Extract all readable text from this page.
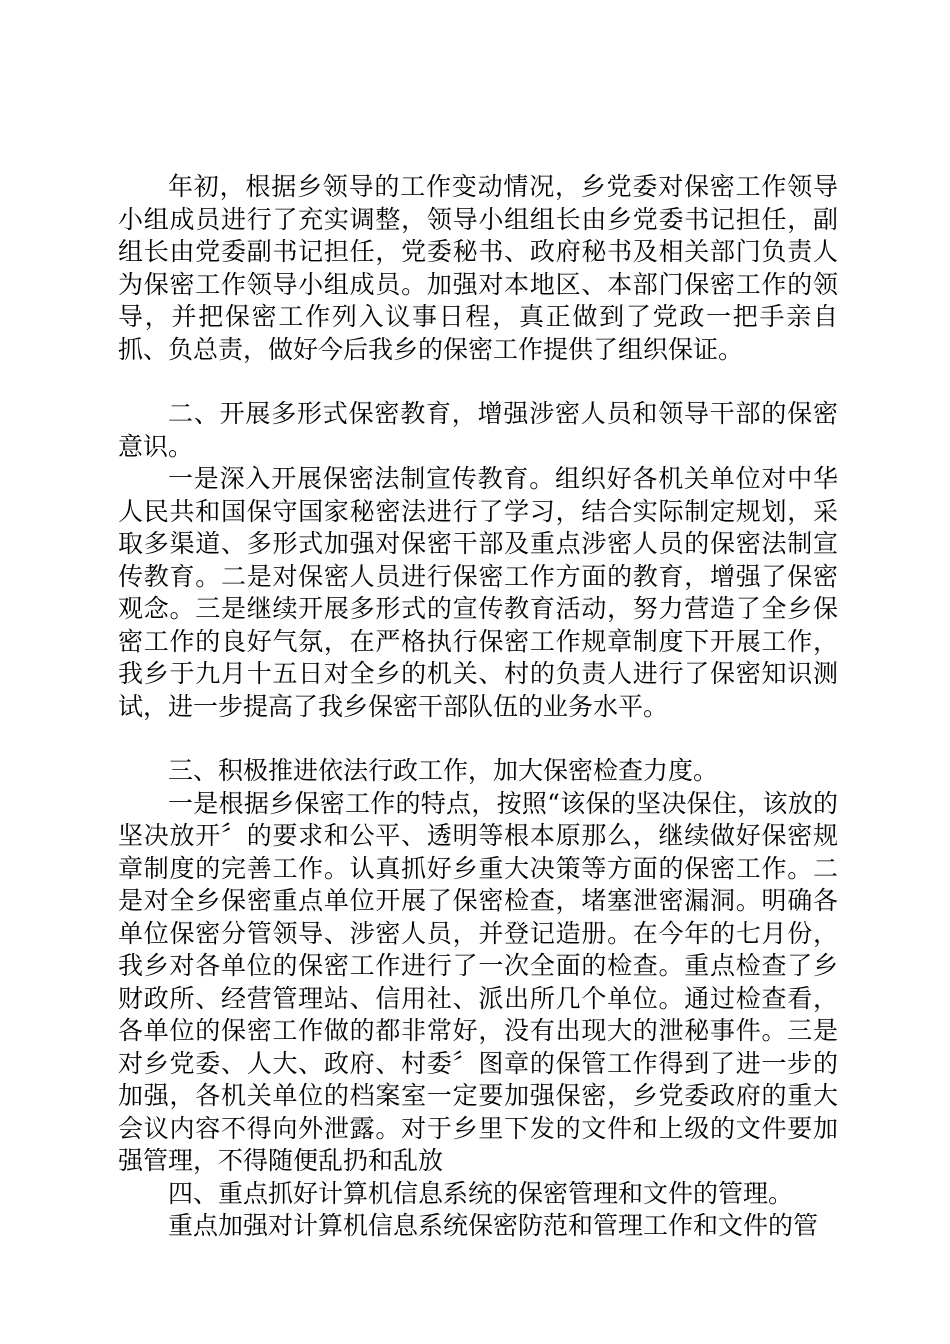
年初，根据乡领导的工作变动情况，乡党委对保密工作领导小组成员进行了充实调整，领导小组组长由乡党委书记担任，副组长由党委副书记担任，党委秘书、政府秘书及相关部门负责人为保密工作领导小组成员。加强对本地区、本部门保密工作的领导，并把保密工作列入议事日程，真正做到了党政一把手亲自抓、负总责，做好今后我乡的保密工作提供了组织保证。

二、开展多形式保密教育，增强涉密人员和领导干部的保密意识。

一是深入开展保密法制宣传教育。组织好各机关单位对中华人民共和国保守国家秘密法进行了学习，结合实际制定规划，采取多渠道、多形式加强对保密干部及重点涉密人员的保密法制宣传教育。二是对保密人员进行保密工作方面的教育，增强了保密观念。三是继续开展多形式的宣传教育活动，努力营造了全乡保密工作的良好气氛，在严格执行保密工作规章制度下开展工作，我乡于九月十五日对全乡的机关、村的负责人进行了保密知识测试，进一步提高了我乡保密干部队伍的业务水平。

三、积极推进依法行政工作，加大保密检查力度。

一是根据乡保密工作的特点，按照“该保的坚决保住，该放的坚决放开〞的要求和公平、透明等根本原那么，继续做好保密规章制度的完善工作。认真抓好乡重大决策等方面的保密工作。二是对全乡保密重点单位开展了保密检查，堵塞泄密漏洞。明确各单位保密分管领导、涉密人员，并登记造册。在今年的七月份，我乡对各单位的保密工作进行了一次全面的检查。重点检查了乡财政所、经营管理站、信用社、派出所几个单位。通过检查看，各单位的保密工作做的都非常好，没有出现大的泄秘事件。三是对乡党委、人大、政府、村委〞图章的保管工作得到了进一步的加强，各机关单位的档案室一定要加强保密，乡党委政府的重大会议内容不得向外泄露。对于乡里下发的文件和上级的文件要加强管理，不得随便乱扔和乱放

四、重点抓好计算机信息系统的保密管理和文件的管理。

重点加强对计算机信息系统保密防范和管理工作和文件的管
